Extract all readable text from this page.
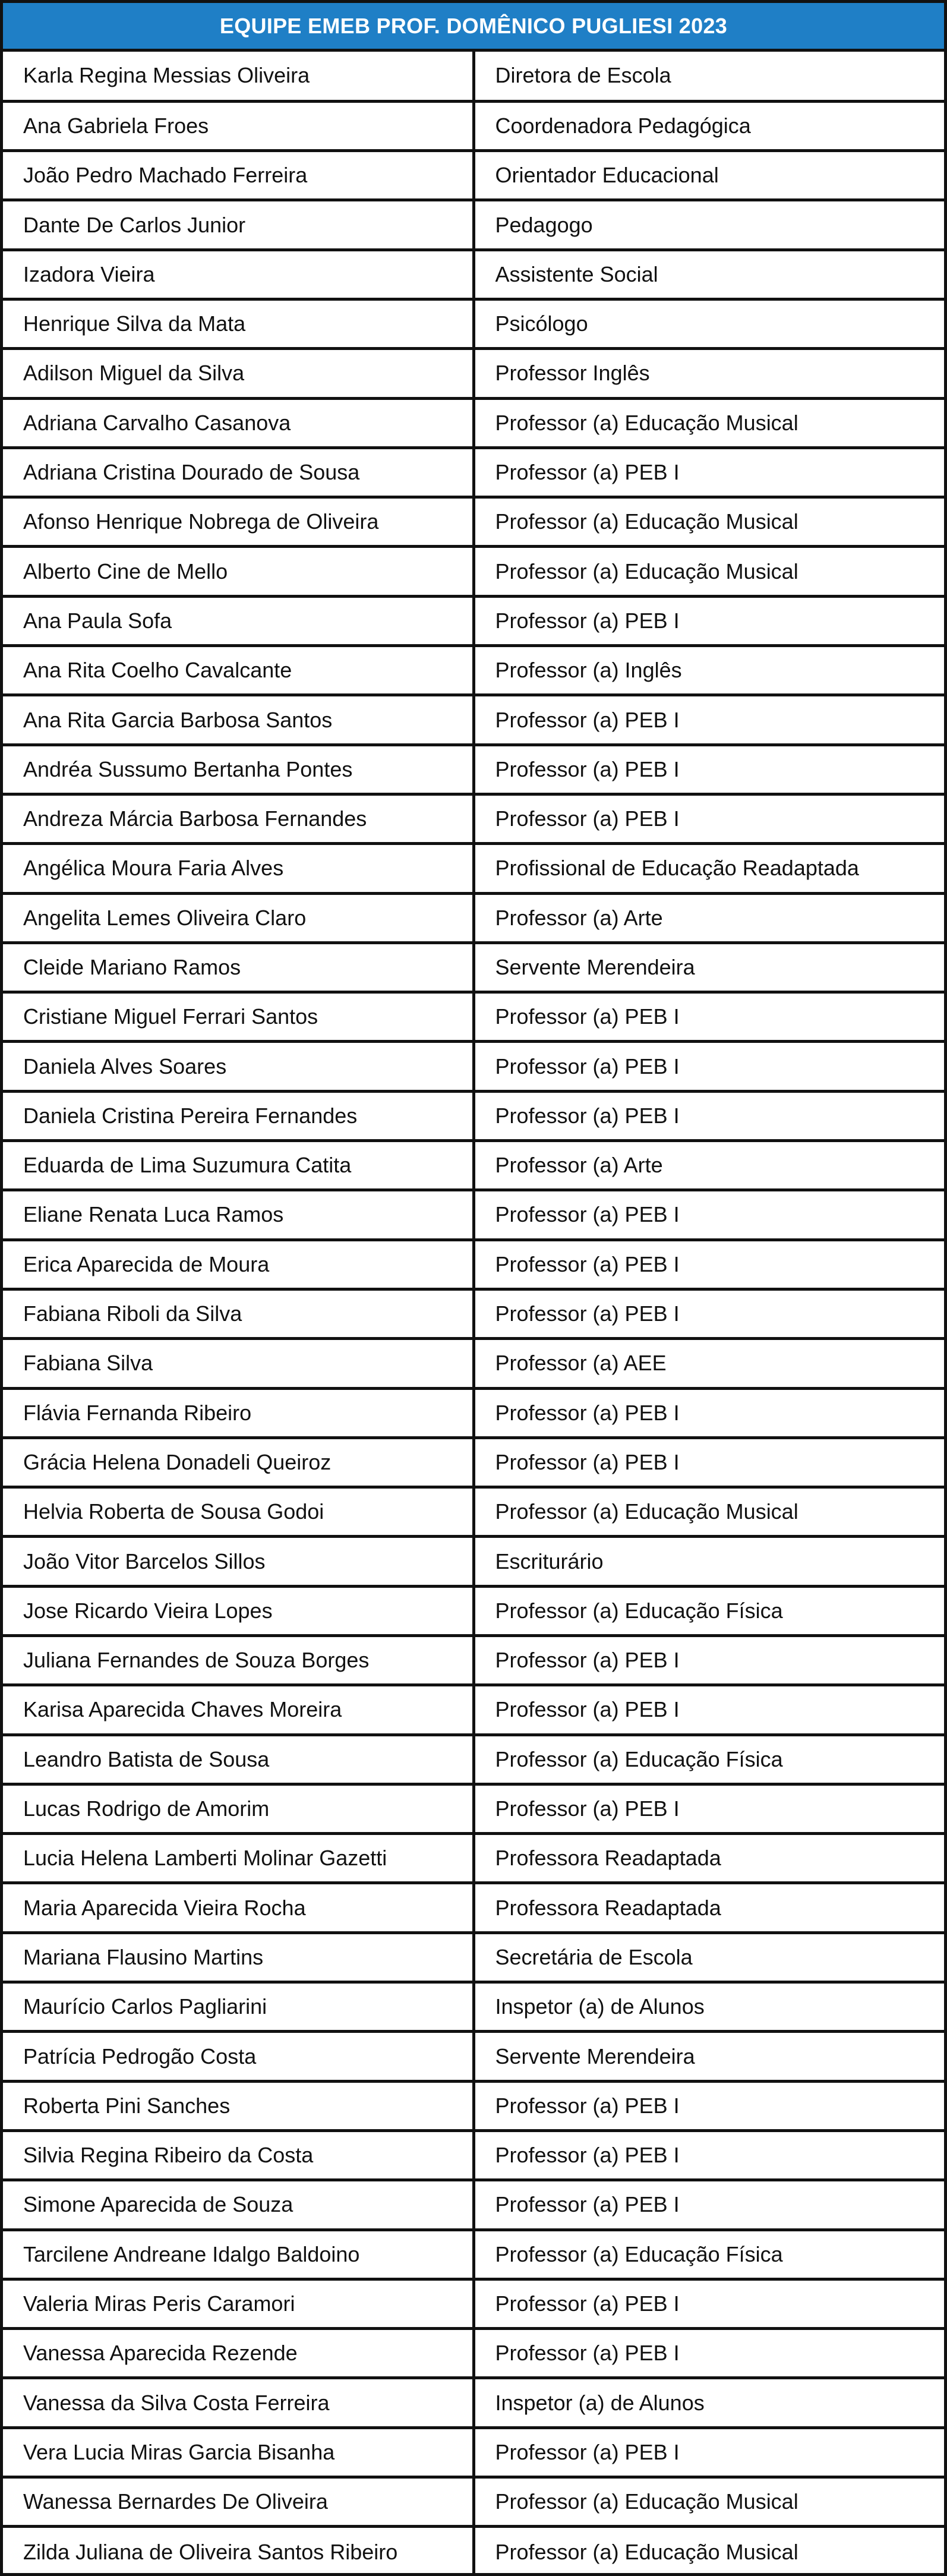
EQUIPE EMEB PROF. DOMÊNICO PUGLIESI 2023
Karla Regina Messias Oliveira	Diretora de Escola
Ana Gabriela Froes	Coordenadora Pedagógica
João Pedro Machado Ferreira	Orientador Educacional
Dante De Carlos Junior	Pedagogo
Izadora Vieira	Assistente Social
Henrique Silva da Mata	Psicólogo
Adilson Miguel da Silva	Professor Inglês
Adriana Carvalho Casanova	Professor (a) Educação Musical
Adriana Cristina Dourado de Sousa	Professor (a) PEB I
Afonso Henrique Nobrega de Oliveira	Professor (a) Educação Musical
Alberto Cine de Mello	Professor (a) Educação Musical
Ana Paula Sofa	Professor (a) PEB I
Ana Rita Coelho Cavalcante	Professor (a) Inglês
Ana Rita Garcia Barbosa Santos	Professor (a) PEB I
Andréa Sussumo Bertanha Pontes	Professor (a) PEB I
Andreza Márcia Barbosa Fernandes	Professor (a) PEB I
Angélica Moura Faria Alves	Profissional de Educação Readaptada
Angelita Lemes Oliveira Claro	Professor (a) Arte
Cleide Mariano Ramos	Servente Merendeira
Cristiane Miguel Ferrari Santos	Professor (a) PEB I
Daniela Alves Soares	Professor (a) PEB I
Daniela Cristina Pereira Fernandes	Professor (a) PEB I
Eduarda de Lima Suzumura Catita	Professor (a) Arte
Eliane Renata Luca Ramos	Professor (a) PEB I
Erica Aparecida de Moura	Professor (a) PEB I
Fabiana Riboli da Silva	Professor (a) PEB I
Fabiana Silva	Professor (a) AEE
Flávia Fernanda Ribeiro	Professor (a) PEB I
Grácia Helena Donadeli Queiroz	Professor (a) PEB I
Helvia Roberta de Sousa Godoi	Professor (a) Educação Musical
João Vitor Barcelos Sillos	Escriturário
Jose Ricardo Vieira Lopes	Professor (a) Educação Física
Juliana Fernandes de Souza Borges	Professor (a) PEB I
Karisa Aparecida Chaves Moreira	Professor (a) PEB I
Leandro Batista de Sousa	Professor (a) Educação Física
Lucas Rodrigo de Amorim	Professor (a) PEB I
Lucia Helena Lamberti Molinar Gazetti	Professora Readaptada
Maria Aparecida Vieira Rocha	Professora Readaptada
Mariana Flausino Martins	Secretária de Escola
Maurício Carlos Pagliarini	Inspetor (a) de Alunos
Patrícia Pedrogão Costa	Servente Merendeira
Roberta Pini Sanches	Professor (a) PEB I
Silvia Regina Ribeiro da Costa	Professor (a) PEB I
Simone Aparecida de Souza	Professor (a) PEB I
Tarcilene Andreane Idalgo Baldoino	Professor (a) Educação Física
Valeria Miras Peris Caramori	Professor (a) PEB I
Vanessa Aparecida Rezende	Professor (a) PEB I
Vanessa da Silva Costa Ferreira	Inspetor (a) de Alunos
Vera Lucia Miras Garcia Bisanha	Professor (a) PEB I
Wanessa Bernardes De Oliveira	Professor (a) Educação Musical
Zilda Juliana de Oliveira Santos Ribeiro	Professor (a) Educação Musical
